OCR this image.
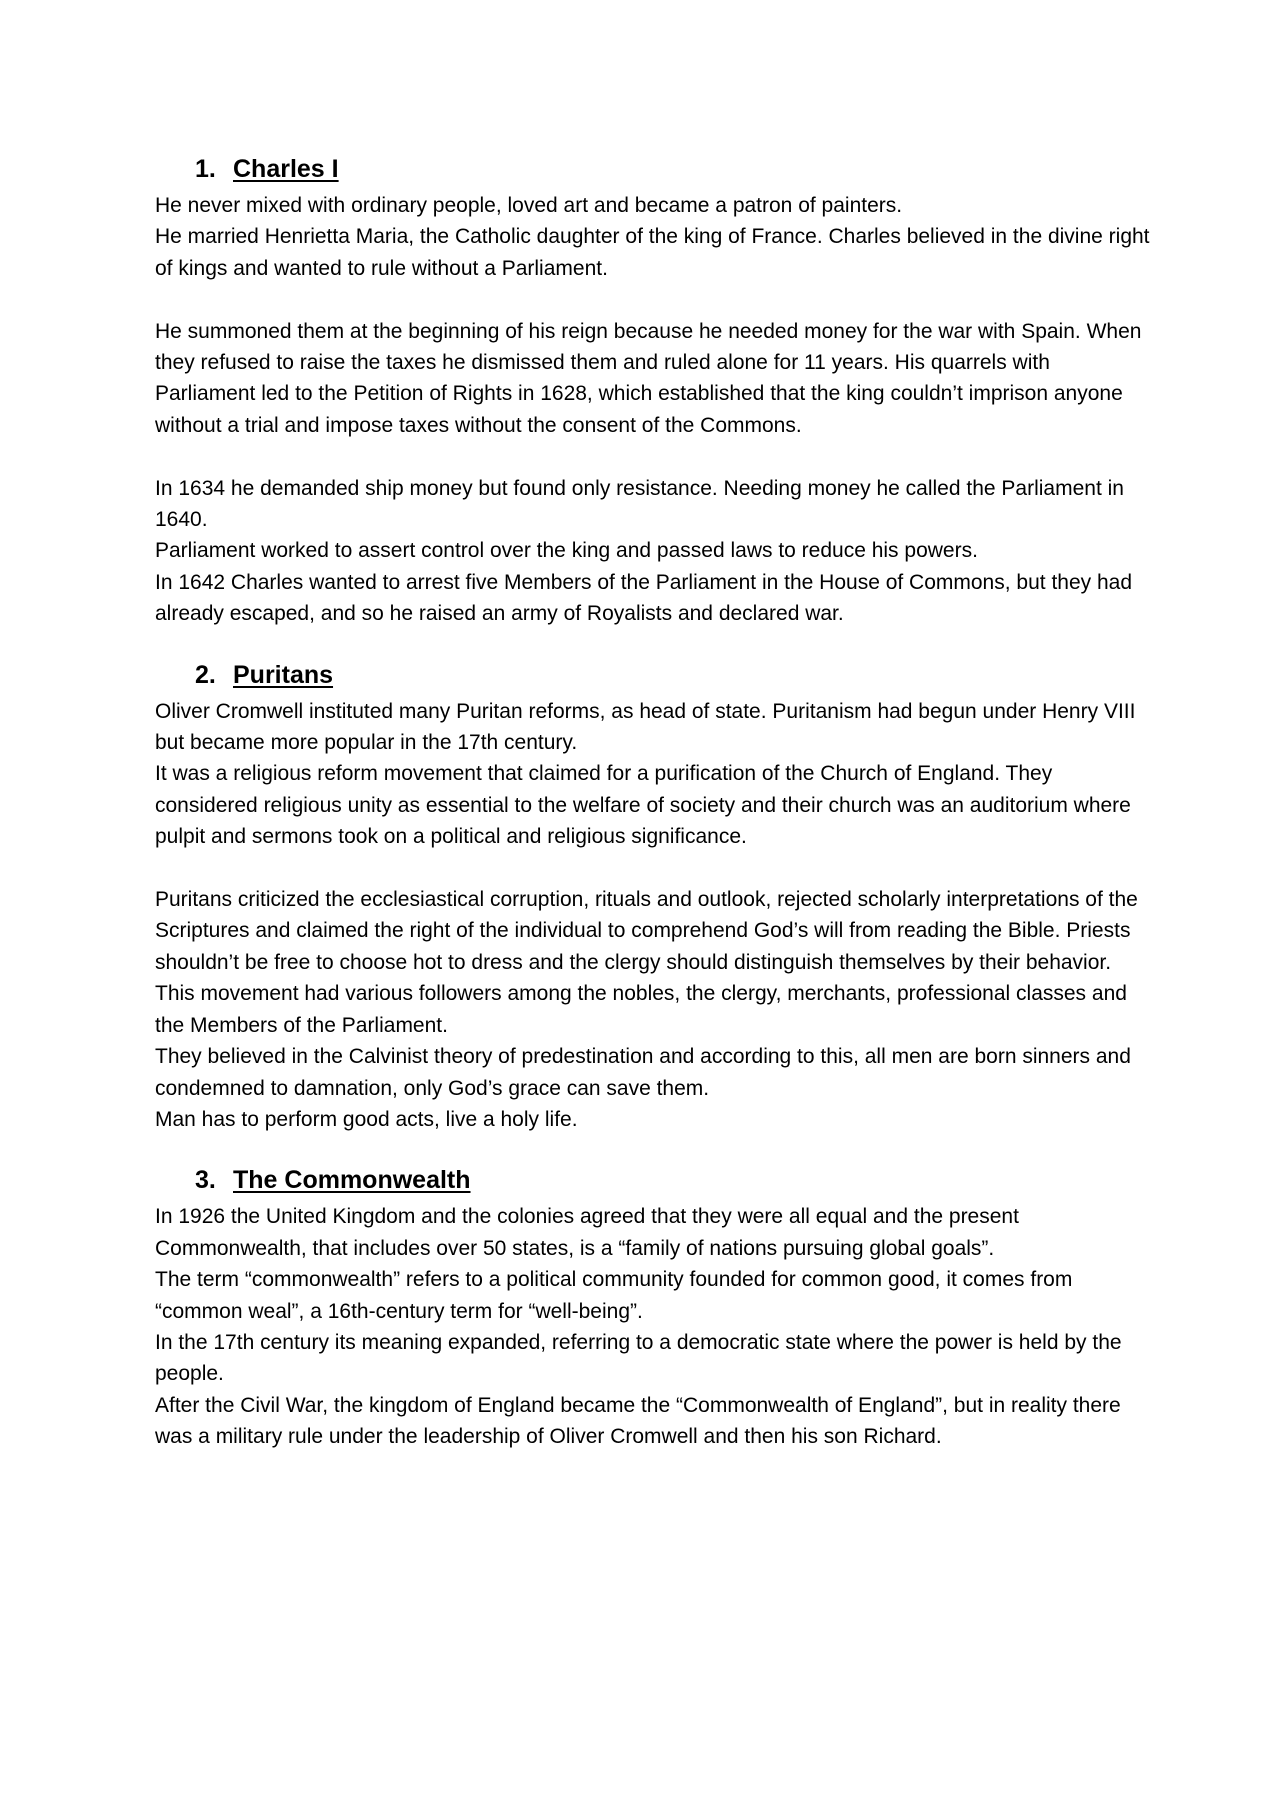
1. Charles I

He never mixed with ordinary people, loved art and became a patron of painters.

He married Henrietta Maria, the Catholic daughter of the king of France. Charles believed in the divine right of kings and wanted to rule without a Parliament.

He summoned them at the beginning of his reign because he needed money for the war with Spain. When they refused to raise the taxes he dismissed them and ruled alone for 11 years. His quarrels with Parliament led to the Petition of Rights in 1628, which established that the king couldn’t imprison anyone without a trial and impose taxes without the consent of the Commons.

In 1634 he demanded ship money but found only resistance. Needing money he called the Parliament in 1640.

Parliament worked to assert control over the king and passed laws to reduce his powers.

In 1642 Charles wanted to arrest five Members of the Parliament in the House of Commons, but they had already escaped, and so he raised an army of Royalists and declared war.

2. Puritans

Oliver Cromwell instituted many Puritan reforms, as head of state. Puritanism had begun under Henry VIII but became more popular in the 17th century.

It was a religious reform movement that claimed for a purification of the Church of England. They considered religious unity as essential to the welfare of society and their church was an auditorium where pulpit and sermons took on a political and religious significance.

Puritans criticized the ecclesiastical corruption, rituals and outlook, rejected scholarly interpretations of the Scriptures and claimed the right of the individual to comprehend God’s will from reading the Bible. Priests shouldn’t be free to choose hot to dress and the clergy should distinguish themselves by their behavior.

This movement had various followers among the nobles, the clergy, merchants, professional classes and the Members of the Parliament.

They believed in the Calvinist theory of predestination and according to this, all men are born sinners and condemned to damnation, only God’s grace can save them.

Man has to perform good acts, live a holy life.

3. The Commonwealth

In 1926 the United Kingdom and the colonies agreed that they were all equal and the present Commonwealth, that includes over 50 states, is a “family of nations pursuing global goals”.

The term “commonwealth” refers to a political community founded for common good, it comes from “common weal”, a 16th-century term for “well-being”.

In the 17th century its meaning expanded, referring to a democratic state where the power is held by the people.

After the Civil War, the kingdom of England became the “Commonwealth of England”, but in reality there was a military rule under the leadership of Oliver Cromwell and then his son Richard.
